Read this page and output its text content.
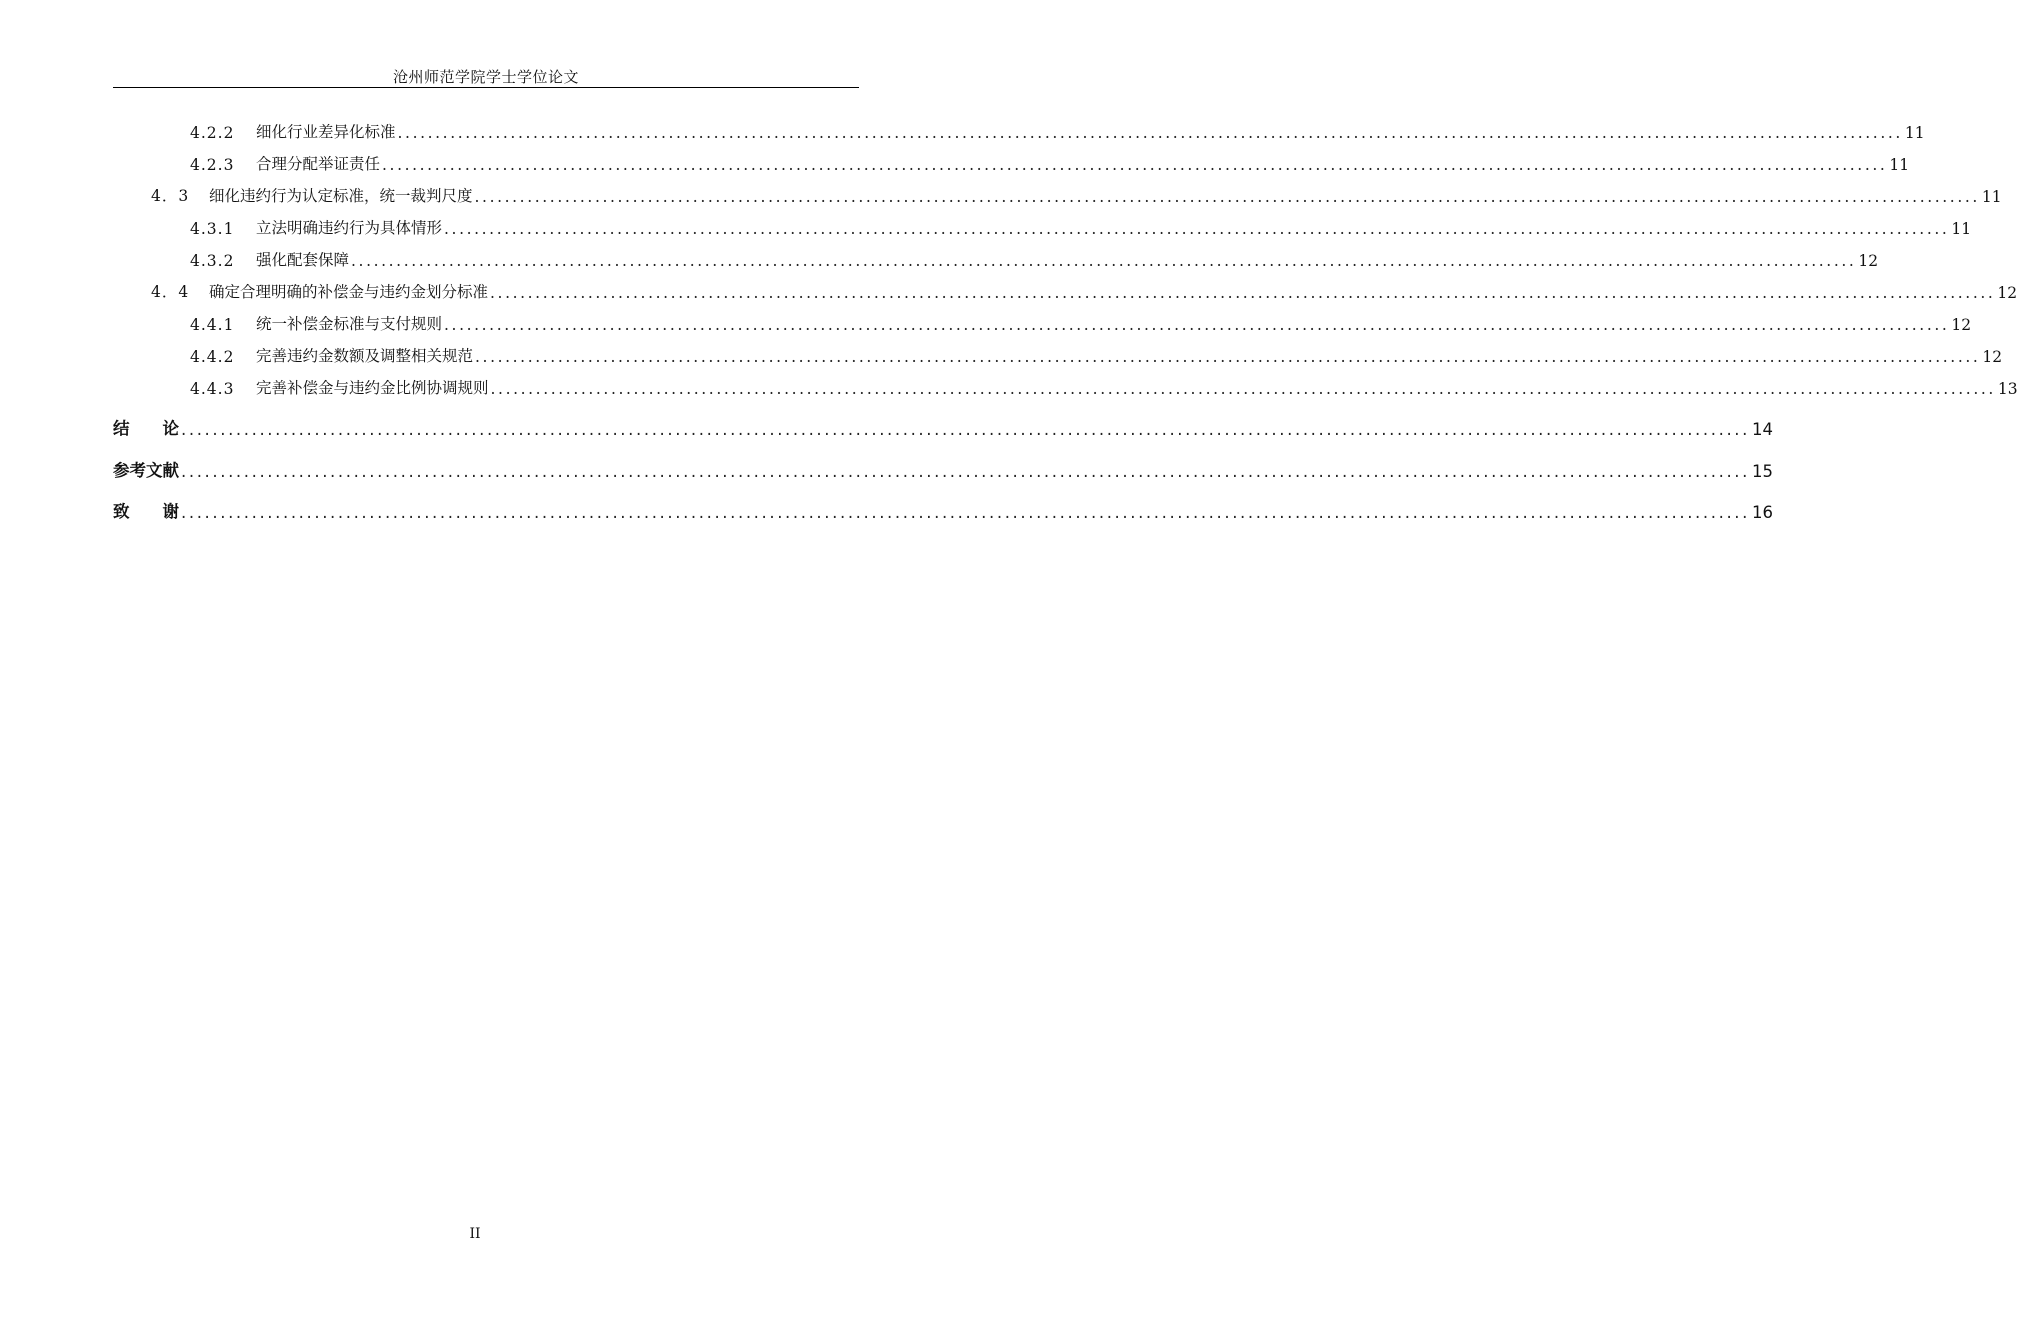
沧州师范学院学士学位论文
4.2.2	细化行业差异化标准 ........................................................................................................................................................................................................ 11
4.2.3	合理分配举证责任 ........................................................................................................................................................................................................ 11
4．3	细化违约行为认定标准，统一裁判尺度 ........................................................................................................................................................................................................ 11
4.3.1	立法明确违约行为具体情形 ........................................................................................................................................................................................................ 11
4.3.2	强化配套保障 ........................................................................................................................................................................................................ 12
4．4	确定合理明确的补偿金与违约金划分标准 ........................................................................................................................................................................................................ 12
4.4.1	统一补偿金标准与支付规则 ........................................................................................................................................................................................................ 12
4.4.2	完善违约金数额及调整相关规范 ........................................................................................................................................................................................................ 12
4.4.3	完善补偿金与违约金比例协调规则 ........................................................................................................................................................................................................ 13
结　　论 ........................................................................................................................................................................................................ 14
参考文献 ........................................................................................................................................................................................................ 15
致　　谢 ........................................................................................................................................................................................................ 16
II
